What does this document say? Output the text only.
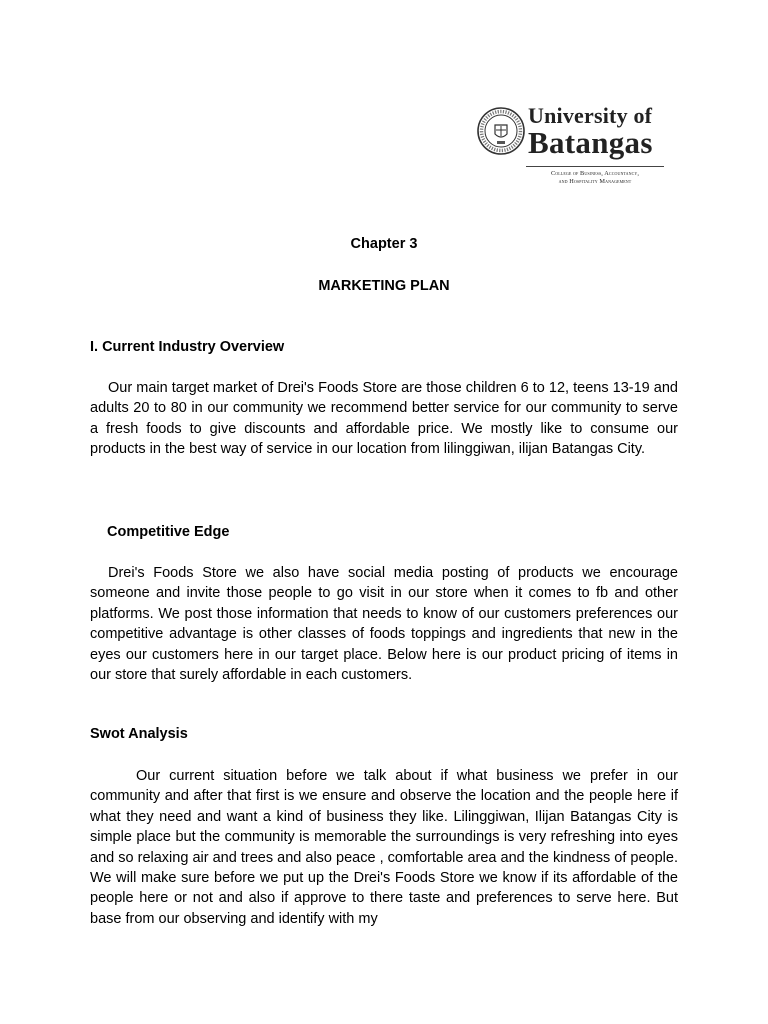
University of
Batangas
College of Business, Accountancy,
and Hospitality Management
Chapter 3
MARKETING PLAN
I. Current Industry Overview
Our main target market of Drei's Foods Store are those children 6 to 12, teens 13-19 and adults 20 to 80 in our community we recommend better service for our community to serve a fresh foods to give discounts and affordable price. We mostly like to consume our products in the best way of service in our location from lilinggiwan, ilijan Batangas City.
Competitive Edge
Drei's Foods Store we also have social media posting of products we encourage someone and invite those people to go visit in our store when it comes to fb and other platforms. We post those information that needs to know of our customers preferences our competitive advantage is other classes of foods toppings and ingredients that new in the eyes our customers here in our target place. Below here is our product pricing of items in our store that surely affordable in each customers.
Swot Analysis
Our current situation before we talk about if what business we prefer in our community and after that first is we ensure and observe the location and the people here if what they need and want a kind of business they like. Lilinggiwan, Ilijan Batangas City is simple place but the community is memorable the surroundings is very refreshing into eyes and so relaxing air and trees and also peace , comfortable area and the kindness of people. We will make sure before we put up the Drei's Foods Store we know if its affordable of the people here or not and also if approve to there taste and preferences to serve here. But base from our observing and identify with my
